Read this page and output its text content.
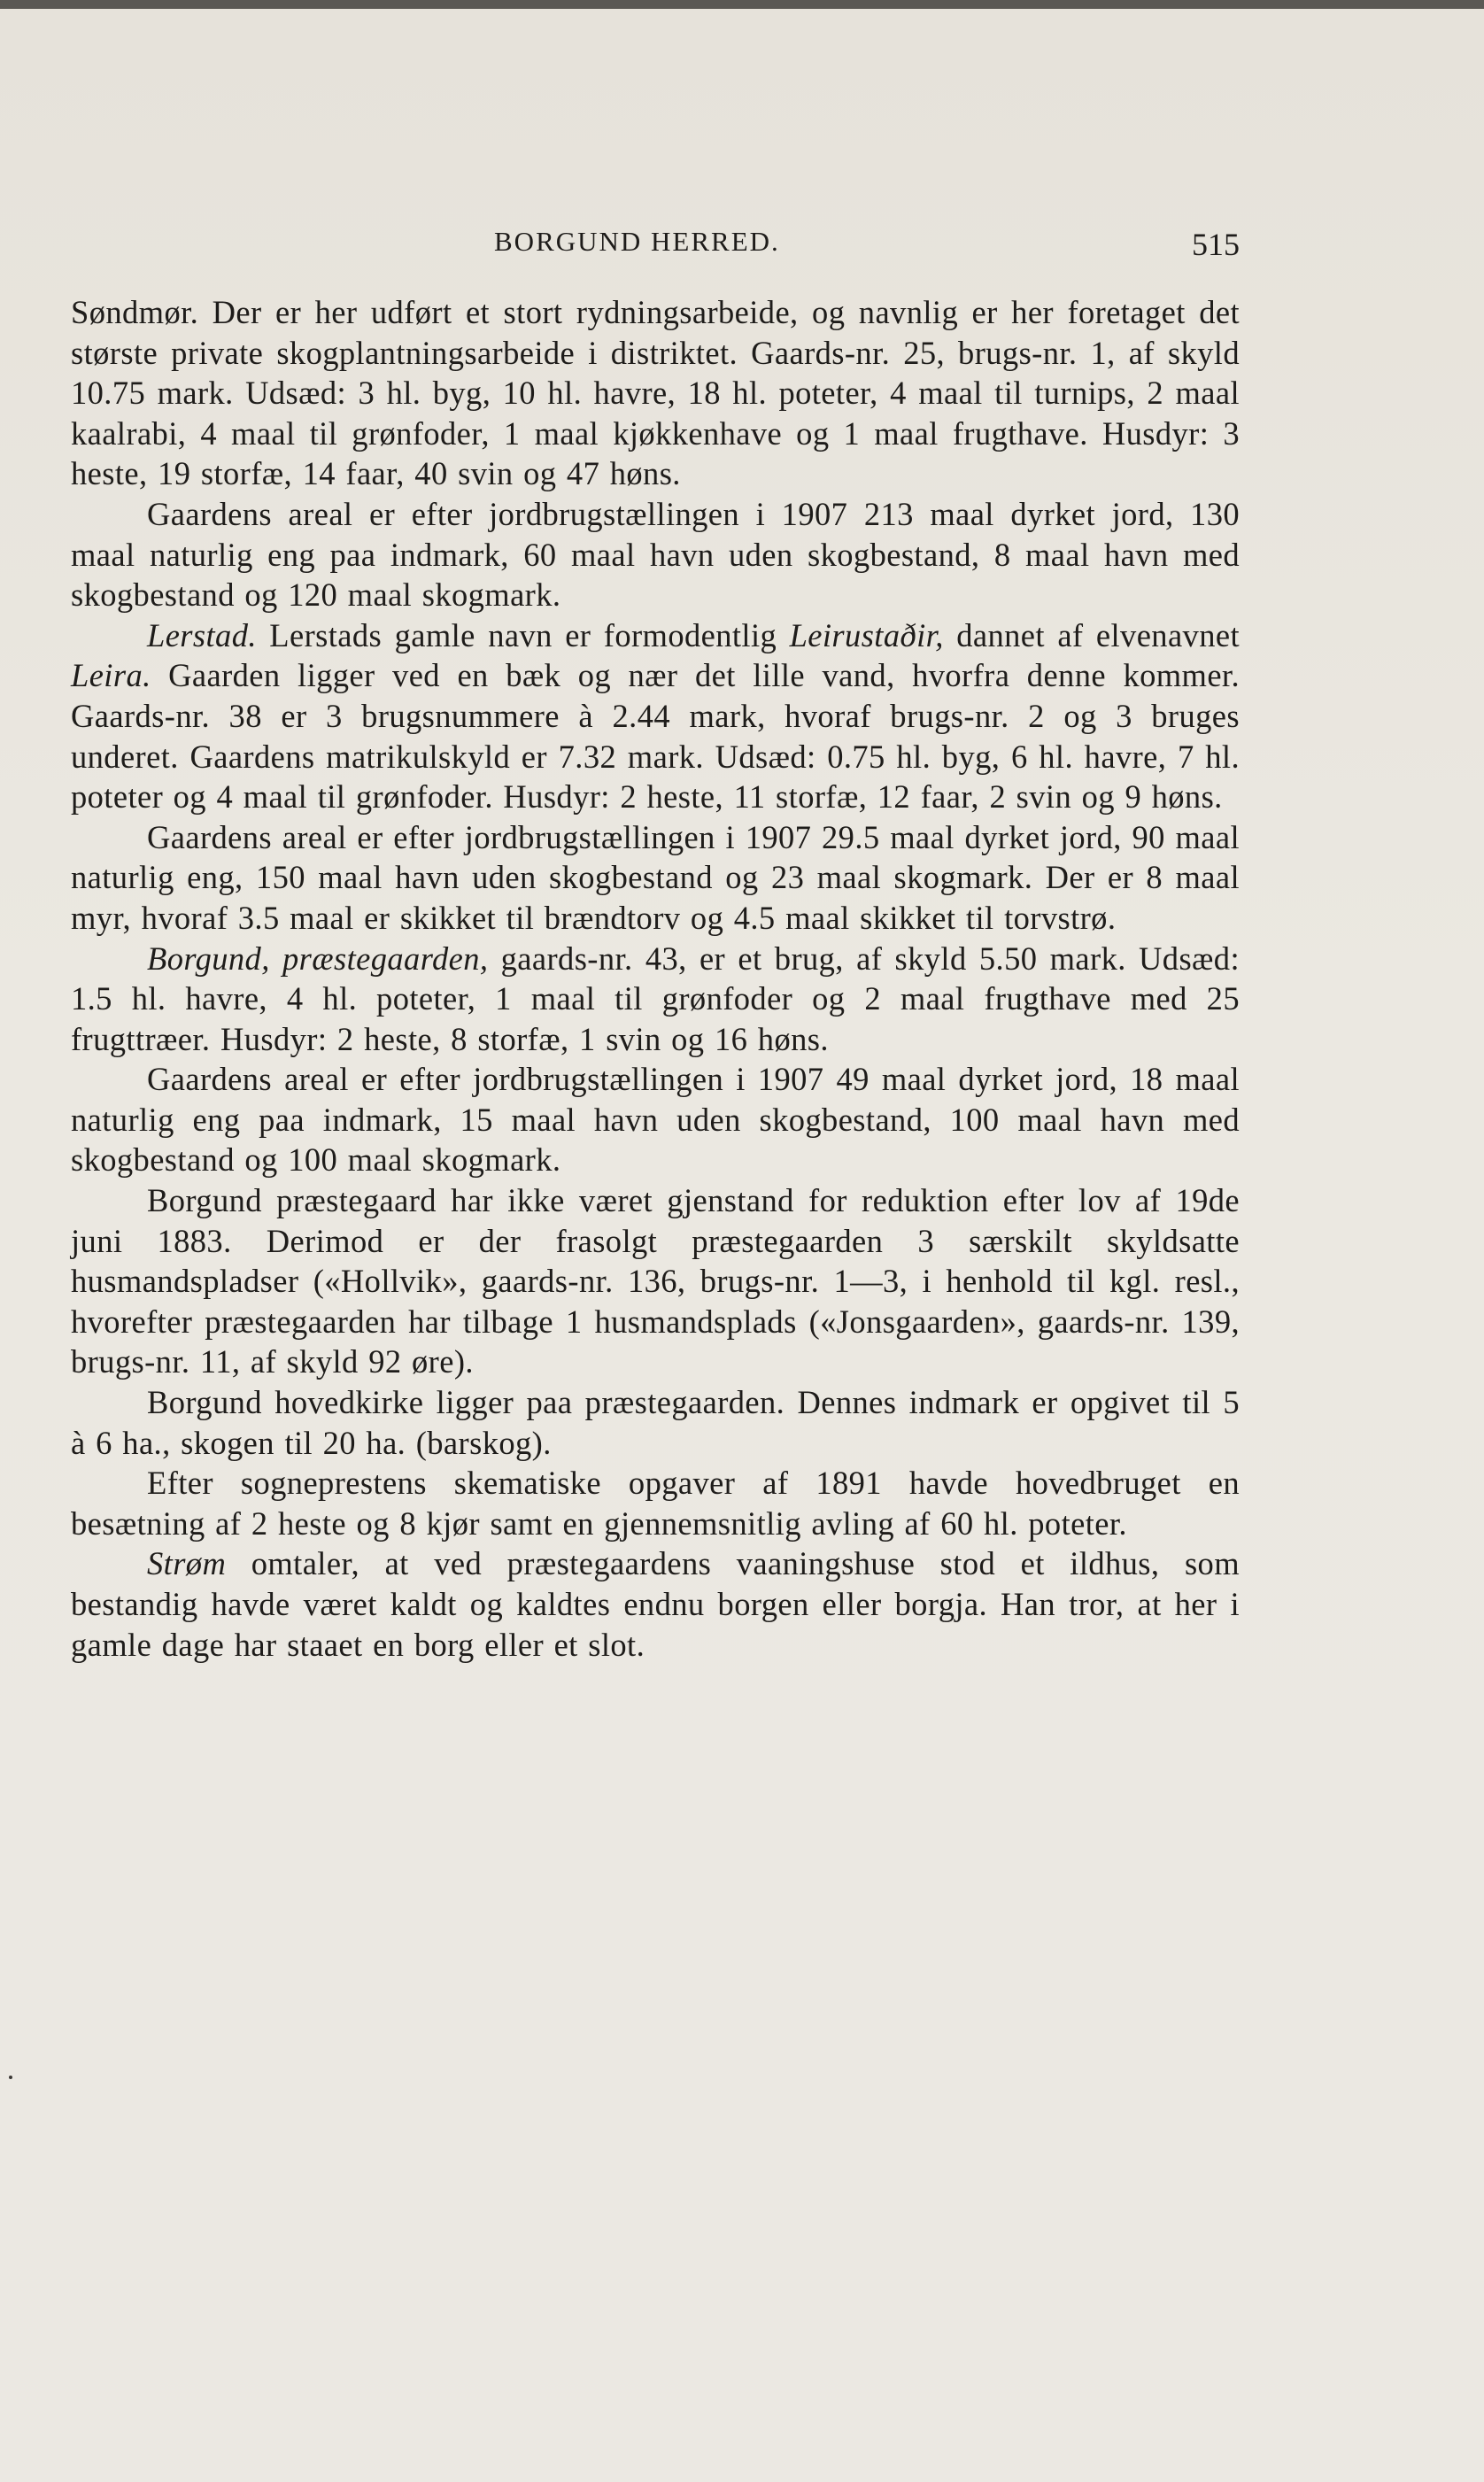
BORGUND HERRED.	515

Søndmør. Der er her udført et stort rydningsarbeide, og navnlig er her foretaget det største private skogplantningsarbeide i distriktet. Gaards-nr. 25, brugs-nr. 1, af skyld 10.75 mark. Udsæd: 3 hl. byg, 10 hl. havre, 18 hl. poteter, 4 maal til turnips, 2 maal kaalrabi, 4 maal til grønfoder, 1 maal kjøkkenhave og 1 maal frugthave. Husdyr: 3 heste, 19 storfæ, 14 faar, 40 svin og 47 høns.

Gaardens areal er efter jordbrugstællingen i 1907 213 maal dyrket jord, 130 maal naturlig eng paa indmark, 60 maal havn uden skogbestand, 8 maal havn med skogbestand og 120 maal skogmark.

Lerstad. Lerstads gamle navn er formodentlig Leirustaðir, dannet af elvenavnet Leira. Gaarden ligger ved en bæk og nær det lille vand, hvorfra denne kommer. Gaards-nr. 38 er 3 brugsnummere à 2.44 mark, hvoraf brugs-nr. 2 og 3 bruges underet. Gaardens matrikulskyld er 7.32 mark. Udsæd: 0.75 hl. byg, 6 hl. havre, 7 hl. poteter og 4 maal til grønfoder. Husdyr: 2 heste, 11 storfæ, 12 faar, 2 svin og 9 høns.

Gaardens areal er efter jordbrugstællingen i 1907 29.5 maal dyrket jord, 90 maal naturlig eng, 150 maal havn uden skogbestand og 23 maal skogmark. Der er 8 maal myr, hvoraf 3.5 maal er skikket til brændtorv og 4.5 maal skikket til torvstrø.

Borgund, præstegaarden, gaards-nr. 43, er et brug, af skyld 5.50 mark. Udsæd: 1.5 hl. havre, 4 hl. poteter, 1 maal til grønfoder og 2 maal frugthave med 25 frugttræer. Husdyr: 2 heste, 8 storfæ, 1 svin og 16 høns.

Gaardens areal er efter jordbrugstællingen i 1907 49 maal dyrket jord, 18 maal naturlig eng paa indmark, 15 maal havn uden skogbestand, 100 maal havn med skogbestand og 100 maal skogmark.

Borgund præstegaard har ikke været gjenstand for reduktion efter lov af 19de juni 1883. Derimod er der frasolgt præstegaarden 3 særskilt skyldsatte husmandspladser («Hollvik», gaards-nr. 136, brugs-nr. 1—3, i henhold til kgl. resl., hvorefter præstegaarden har tilbage 1 husmandsplads («Jonsgaarden», gaards-nr. 139, brugs-nr. 11, af skyld 92 øre).

Borgund hovedkirke ligger paa præstegaarden. Dennes indmark er opgivet til 5 à 6 ha., skogen til 20 ha. (barskog).

Efter sogneprestens skematiske opgaver af 1891 havde hovedbruget en besætning af 2 heste og 8 kjør samt en gjennemsnitlig avling af 60 hl. poteter.

Strøm omtaler, at ved præstegaardens vaaningshuse stod et ildhus, som bestandig havde været kaldt og kaldtes endnu borgen eller borgja. Han tror, at her i gamle dage har staaet en borg eller et slot.
